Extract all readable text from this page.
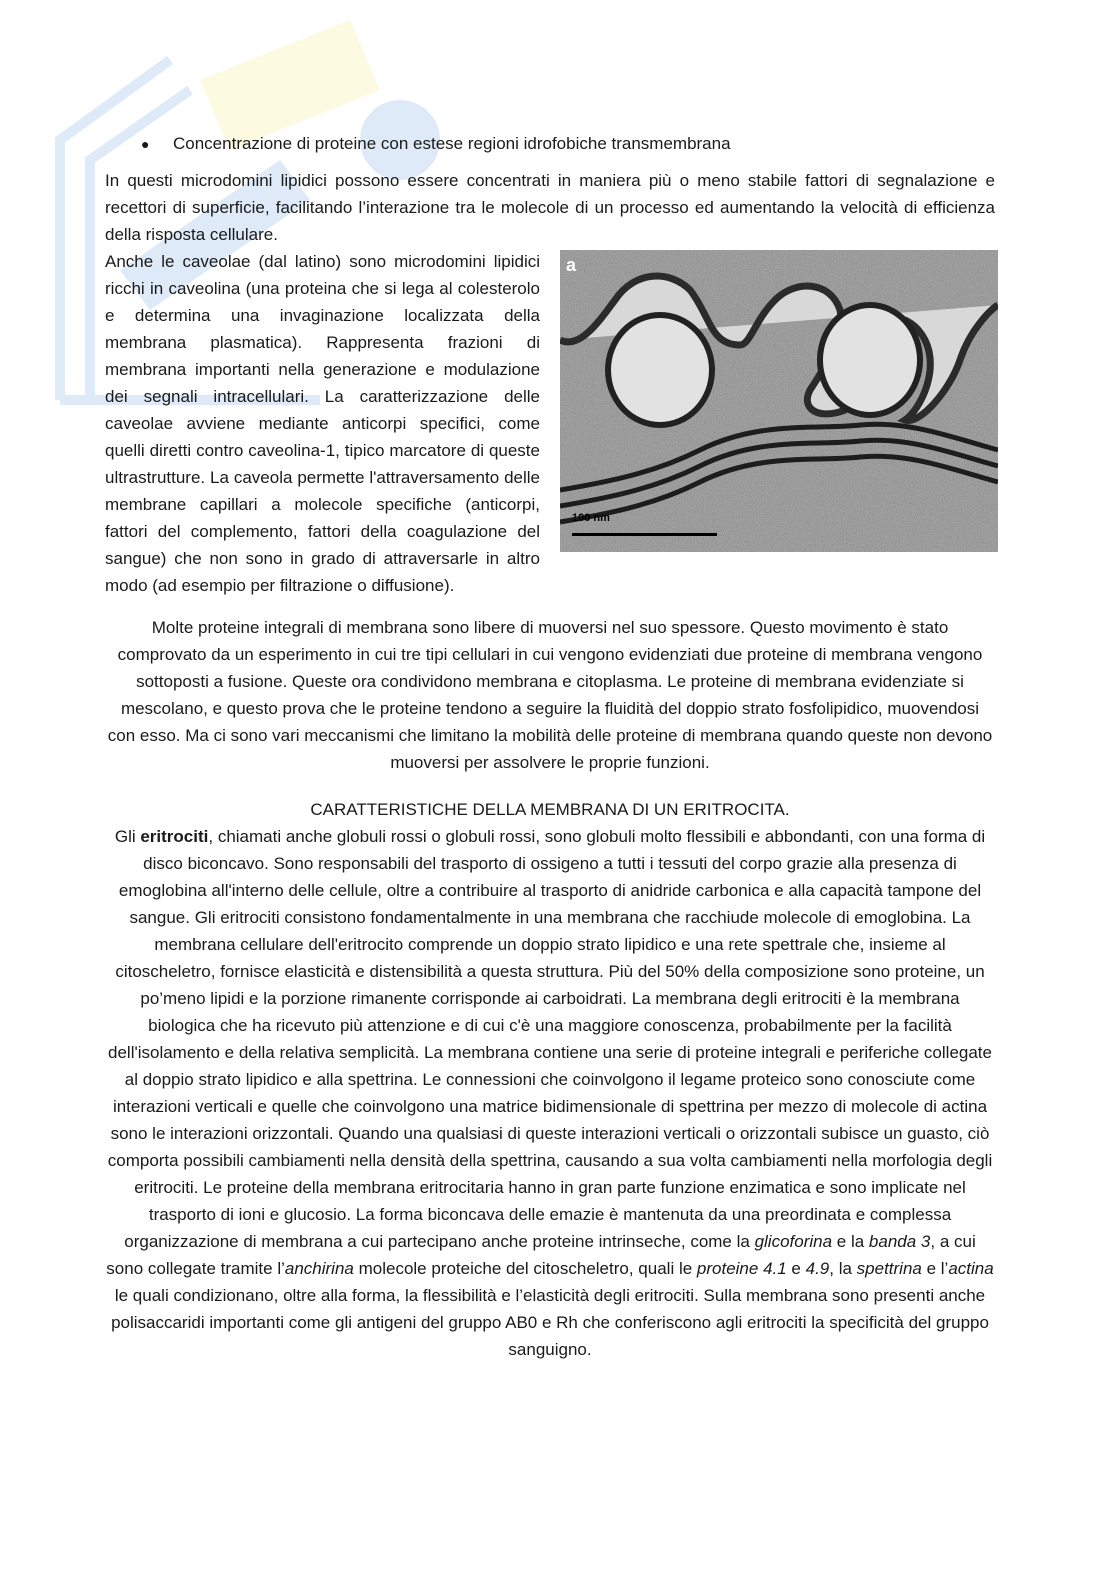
●	Concentrazione di proteine con estese regioni idrofobiche transmembrana

In questi microdomini lipidici possono essere concentrati in maniera più o meno stabile fattori di segnalazione e recettori di superficie, facilitando l’interazione tra le molecole di un processo ed aumentando la velocità di efficienza della risposta cellulare.

a
100 nm

Anche le caveolae (dal latino) sono microdomini lipidici ricchi in caveolina (una proteina che si lega al colesterolo e determina una invaginazione localizzata della membrana plasmatica). Rappresenta frazioni di membrana importanti nella generazione e modulazione dei segnali intracellulari. La caratterizzazione delle caveolae avviene mediante anticorpi specifici, come quelli diretti contro caveolina-1, tipico marcatore di queste ultrastrutture. La caveola permette l'attraversamento delle membrane capillari a molecole specifiche (anticorpi, fattori del complemento, fattori della coagulazione del sangue) che non sono in grado di attraversarle in altro modo (ad esempio per filtrazione o diffusione).

Molte proteine integrali di membrana sono libere di muoversi nel suo spessore. Questo movimento è stato comprovato da un esperimento in cui tre tipi cellulari in cui vengono evidenziati due proteine di membrana vengono sottoposti a fusione. Queste ora condividono membrana e citoplasma. Le proteine di membrana evidenziate si mescolano, e questo prova che le proteine tendono a seguire la fluidità del doppio strato fosfolipidico, muovendosi con esso. Ma ci sono vari meccanismi che limitano la mobilità delle proteine di membrana quando queste non devono muoversi per assolvere le proprie funzioni.

CARATTERISTICHE DELLA MEMBRANA DI UN ERITROCITA.

Gli eritrociti, chiamati anche globuli rossi o globuli rossi, sono globuli molto flessibili e abbondanti, con una forma di disco biconcavo. Sono responsabili del trasporto di ossigeno a tutti i tessuti del corpo grazie alla presenza di emoglobina all'interno delle cellule, oltre a contribuire al trasporto di anidride carbonica e alla capacità tampone del sangue. Gli eritrociti consistono fondamentalmente in una membrana che racchiude molecole di emoglobina. La membrana cellulare dell'eritrocito comprende un doppio strato lipidico e una rete spettrale che, insieme al citoscheletro, fornisce elasticità e distensibilità a questa struttura. Più del 50% della composizione sono proteine, un po’meno lipidi e la porzione rimanente corrisponde ai carboidrati. La membrana degli eritrociti è la membrana biologica che ha ricevuto più attenzione e di cui c'è una maggiore conoscenza, probabilmente per la facilità dell'isolamento e della relativa semplicità. La membrana contiene una serie di proteine integrali e periferiche collegate al doppio strato lipidico e alla spettrina. Le connessioni che coinvolgono il legame proteico sono conosciute come interazioni verticali e quelle che coinvolgono una matrice bidimensionale di spettrina per mezzo di molecole di actina sono le interazioni orizzontali. Quando una qualsiasi di queste interazioni verticali o orizzontali subisce un guasto, ciò comporta possibili cambiamenti nella densità della spettrina, causando a sua volta cambiamenti nella morfologia degli eritrociti. Le proteine della membrana eritrocitaria hanno in gran parte funzione enzimatica e sono implicate nel trasporto di ioni e glucosio. La forma biconcava delle emazie è mantenuta da una preordinata e complessa organizzazione di membrana a cui partecipano anche proteine intrinseche, come la glicoforina e la banda 3, a cui sono collegate tramite l’anchirina molecole proteiche del citoscheletro, quali le proteine 4.1 e 4.9, la spettrina e l’actina le quali condizionano, oltre alla forma, la flessibilità e l’elasticità degli eritrociti. Sulla membrana sono presenti anche polisaccaridi importanti come gli antigeni del gruppo AB0 e Rh che conferiscono agli eritrociti la specificità del gruppo sanguigno.
